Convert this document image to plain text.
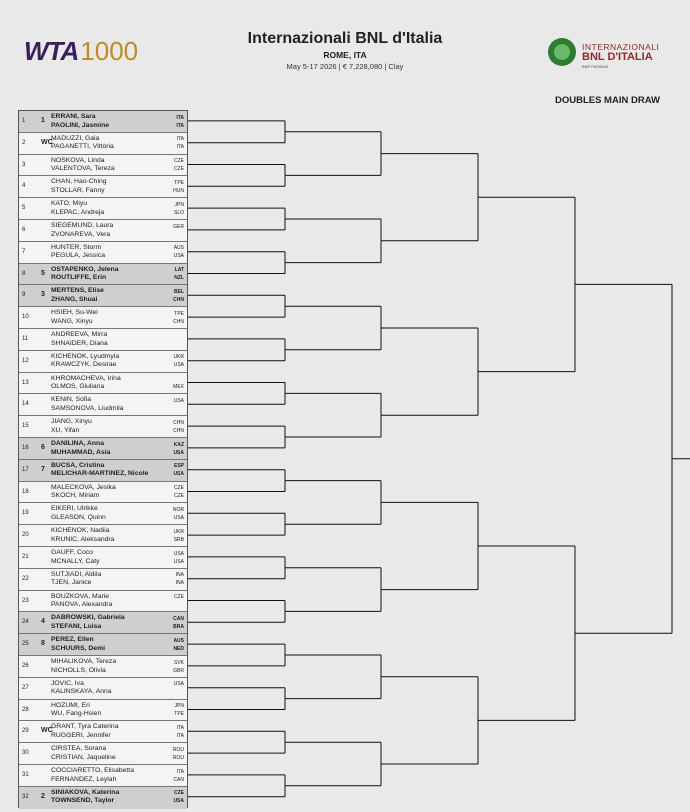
WTA1000	Internazionali BNL d'Italia
ROME, ITA
May 5-17 2026 | € 7,228,080 | Clay
INTERNAZIONALI
BNL D'ITALIA
BNP PARIBAS
DOUBLES MAIN DRAW
1 1
ERRANI, Sara	ITA
PAOLINI, Jasmine	ITA
2 WC
MADUZZI, Gaia	ITA
PAGANETTI, Vittoria	ITA
3
NOSKOVA, Linda	CZE
VALENTOVA, Tereza	CZE
4
CHAN, Hao-Ching	TPE
STOLLAR, Fanny	HUN
5
KATO, Miyu	JPN
KLEPAC, Andreja	SLO
6
SIEGEMUND, Laura	GER
ZVONAREVA, Vera
7
HUNTER, Storm	AUS
PEGULA, Jessica	USA
8 5
OSTAPENKO, Jelena	LAT
ROUTLIFFE, Erin	NZL
9 3
MERTENS, Elise	BEL
ZHANG, Shuai	CHN
10
HSIEH, Su-Wei	TPE
WANG, Xinyu	CHN
11
ANDREEVA, Mirra
SHNAIDER, Diana
12
KICHENOK, Lyudmyla	UKR
KRAWCZYK, Desirae	USA
13
KHROMACHEVA, Irina
OLMOS, Giuliana	MEX
14
KENIN, Sofia	USA
SAMSONOVA, Liudmila
15
JIANG, Xinyu	CHN
XU, Yifan	CHN
16 6
DANILINA, Anna	KAZ
MUHAMMAD, Asia	USA
17 7
BUCSA, Cristina	ESP
MELICHAR-MARTINEZ, Nicole	USA
18
MALECKOVA, Jesika	CZE
SKOCH, Miriam	CZE
19
EIKERI, Ulrikke	NOR
GLEASON, Quinn	USA
20
KICHENOK, Nadiia	UKR
KRUNIC, Aleksandra	SRB
21
GAUFF, Coco	USA
MCNALLY, Caty	USA
22
SUTJIADI, Aldila	INA
TJEN, Janice	INA
23
BOUZKOVA, Marie	CZE
PANOVA, Alexandra
24 4
DABROWSKI, Gabriela	CAN
STEFANI, Luisa	BRA
25 8
PEREZ, Ellen	AUS
SCHUURS, Demi	NED
26
MIHALIKOVA, Tereza	SVK
NICHOLLS, Olivia	GBR
27
JOVIC, Iva	USA
KALINSKAYA, Anna
28
HOZUMI, Eri	JPN
WU, Fang-Hsien	TPE
29 WC
GRANT, Tyra Caterina	ITA
RUGGERI, Jennifer	ITA
30
CIRSTEA, Sorana	ROU
CRISTIAN, Jaqueline	ROU
31
COCCIARETTO, Elisabetta	ITA
FERNANDEZ, Leylah	CAN
32 2
SINIAKOVA, Katerina	CZE
TOWNSEND, Taylor	USA
